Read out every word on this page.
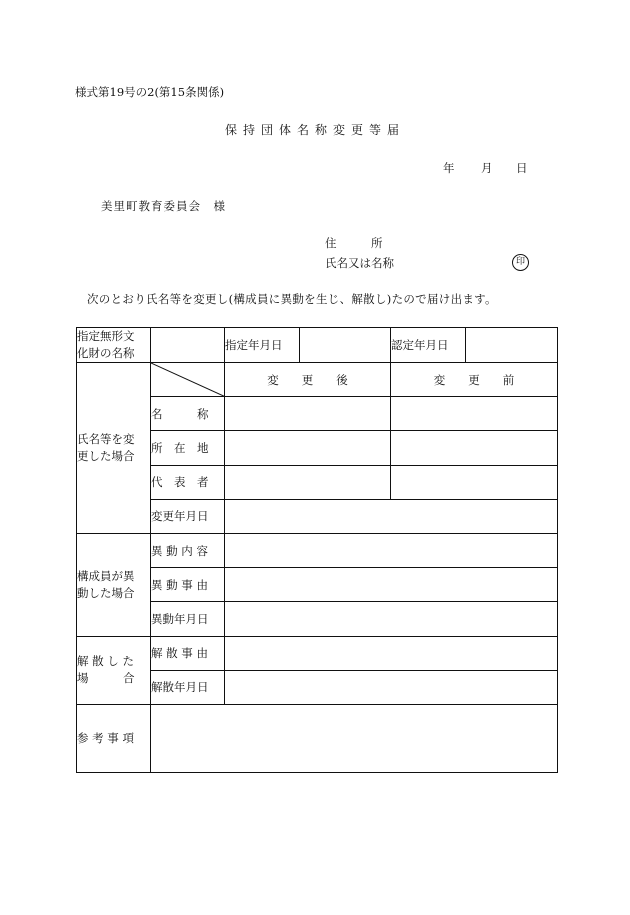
様式第19号の2(第15条関係)
保持団体名称変更等届
年 月 日
美里町教育委員会　様
住　　　所
氏名又は名称	印
次のとおり氏名等を変更し(構成員に異動を生じ、解散し)たので届け出ます。
指定無形文
化財の名称		指定年月日		認定年月日	

氏名等を変
更した場合		変　　更　　後		変　　更　　前	
	名　　　称				
	所　在　地				
	代　表　者				
	変更年月日				

構成員が異
動した場合	異 動 内 容				
	異 動 事 由				
	異動年月日				

解 散 し た
場　　　合	解 散 事 由				
	解散年月日				
参 考 事 項					
